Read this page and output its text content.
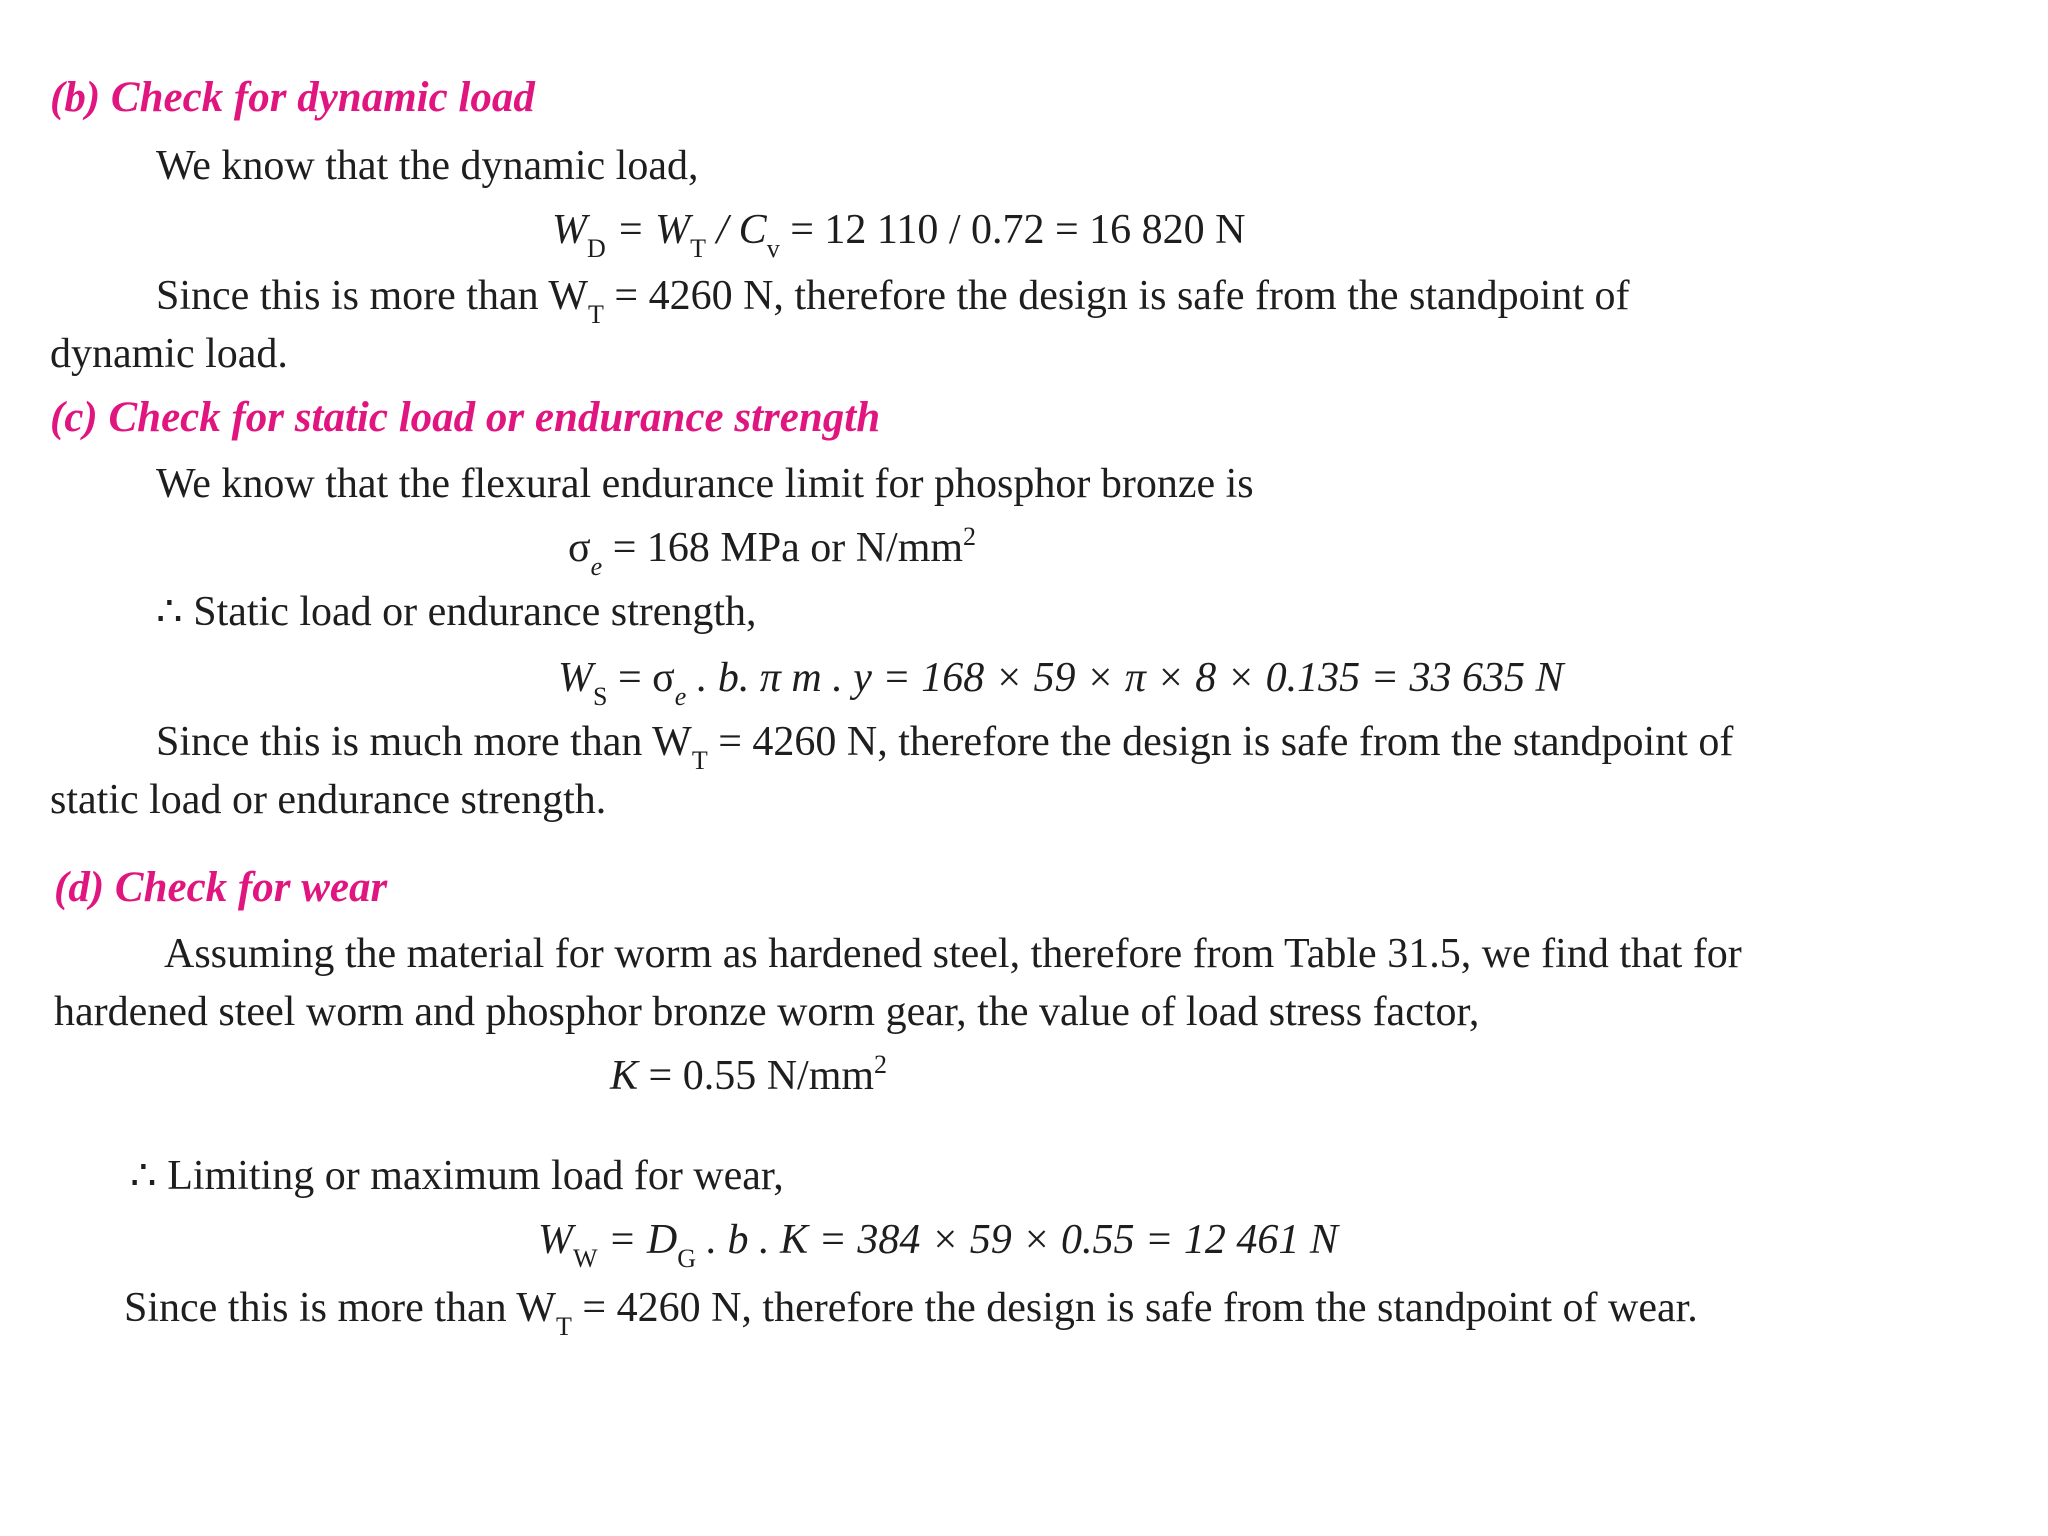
(b) Check for dynamic load
We know that the dynamic load,
$W_D = W_T / C_v = 12$ 110 / 0.72 = 16 820 N
Since this is more than $W_T = 4260$ N, therefore the design is safe from the standpoint of
dynamic load.
(c) Check for static load or endurance strength
We know that the flexural endurance limit for phosphor bronze is
$\sigma_e = 168$ MPa or $N/mm^2$
∴ Static load or endurance strength,
$W_S = \sigma_e$ . b. π m . y = 168 × 59 × π × 8 × 0.135 = 33 635 N
Since this is much more than $W_T = 4260$ N, therefore the design is safe from the standpoint of
static load or endurance strength.
(d) Check for wear
Assuming the material for worm as hardened steel, therefore from Table 31.5, we find that for
hardened steel worm and phosphor bronze worm gear, the value of load stress factor,
K = 0.55 $N/mm^2$
∴ Limiting or maximum load for wear,
$W_W = D_G$ . b . K = 384 × 59 × 0.55 = 12 461 N
Since this is more than $W_T = 4260$ N, therefore the design is safe from the standpoint of wear.
